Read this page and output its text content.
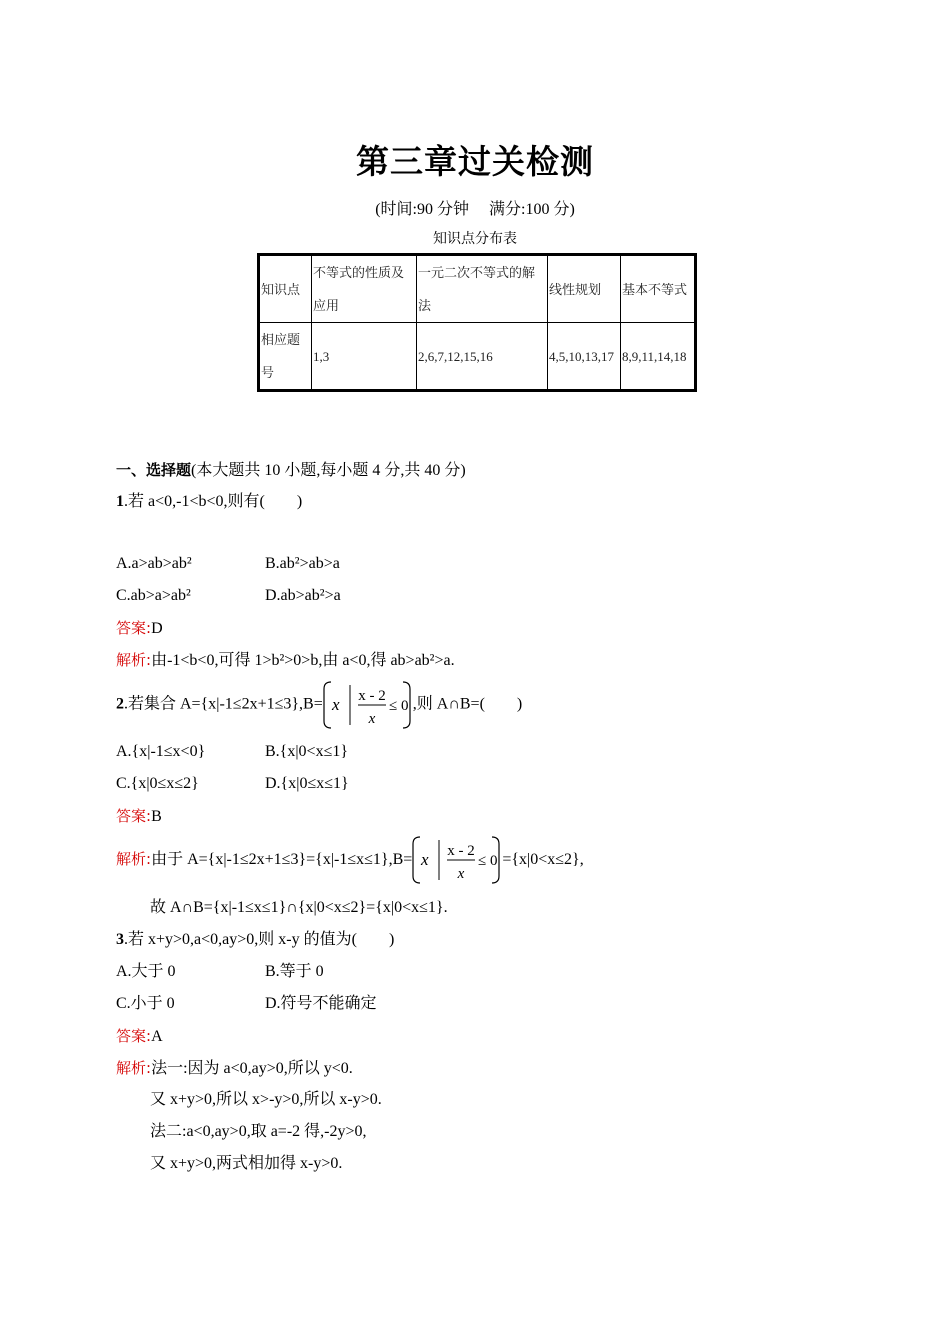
第三章过关检测
(时间:90 分钟　 满分:100 分)
知识点分布表
知识点	不等式的性质及应用	一元二次不等式的解法	线性规划	基本不等式
相应题号	1,3	2,6,7,12,15,16	4,5,10,13,17	8,9,11,14,18
一、选择题(本大题共 10 小题,每小题 4 分,共 40 分)
1.若 a<0,-1<b<0,则有(　　)
A.a>ab>ab²	B.ab²>ab>a
C.ab>a>ab²	D.ab>ab²>a
答案:D
解析:由-1<b<0,可得 1>b²>0>b,由 a<0,得 ab>ab²>a.
2.若集合 A={x|-1≤2x+1≤3},B= x x - 2
x
≤ 0 ,则 A∩B=(　　)
A.{x|-1≤x<0}	B.{x|0<x≤1}
C.{x|0≤x≤2}	D.{x|0≤x≤1}
答案:B
解析:由于 A={x|-1≤2x+1≤3}={x|-1≤x≤1},B= x x - 2
x
≤ 0 ={x|0<x≤2},
故 A∩B={x|-1≤x≤1}∩{x|0<x≤2}={x|0<x≤1}.
3.若 x+y>0,a<0,ay>0,则 x-y 的值为(　　)
A.大于 0	B.等于 0
C.小于 0	D.符号不能确定
答案:A
解析:法一:因为 a<0,ay>0,所以 y<0.
又 x+y>0,所以 x>-y>0,所以 x-y>0.
法二:a<0,ay>0,取 a=-2 得,-2y>0,
又 x+y>0,两式相加得 x-y>0.
